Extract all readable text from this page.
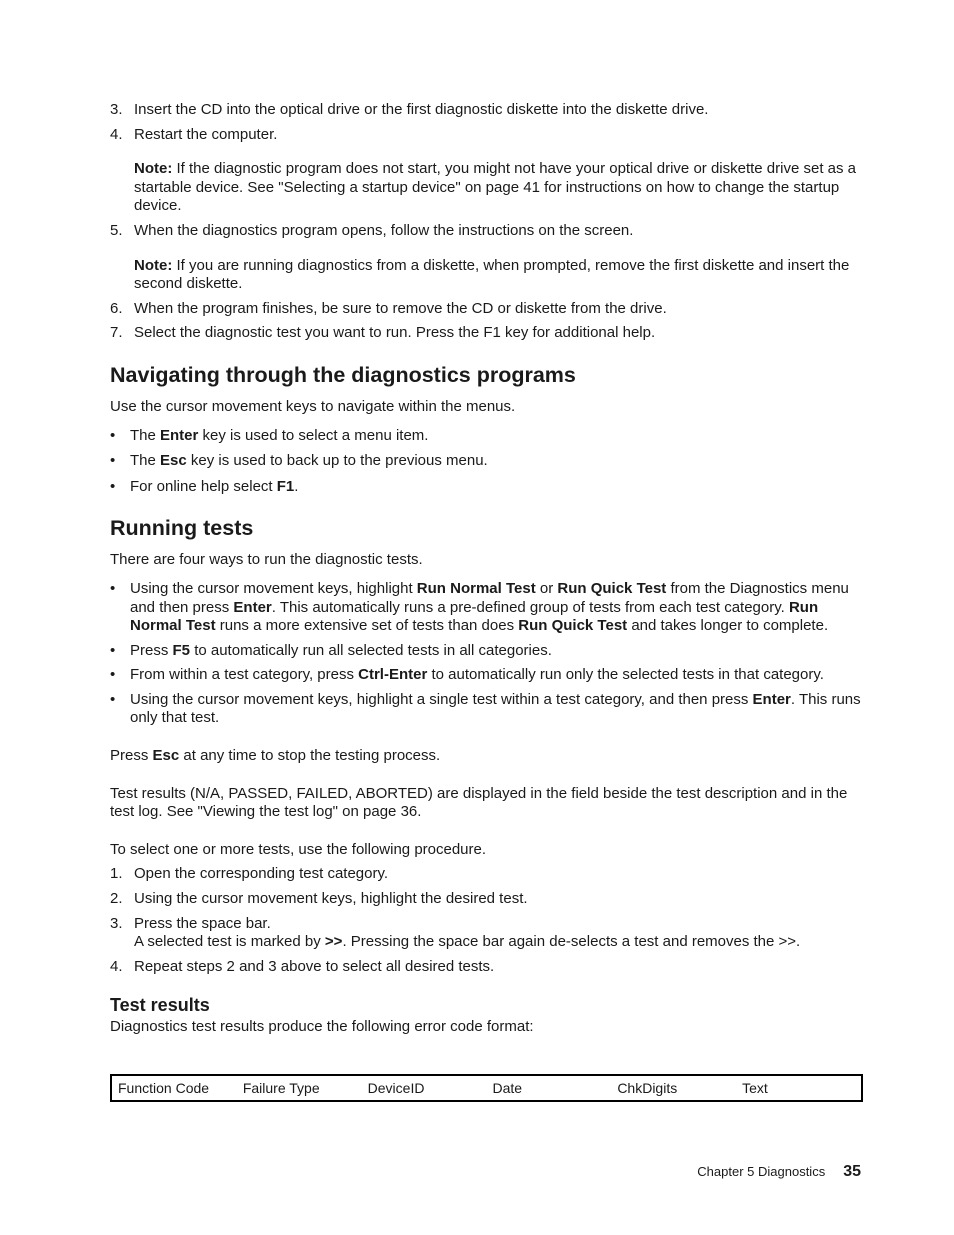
3. Insert the CD into the optical drive or the first diagnostic diskette into the diskette drive.
4. Restart the computer.
Note: If the diagnostic program does not start, you might not have your optical drive or diskette drive set as a startable device. See "Selecting a startup device" on page 41 for instructions on how to change the startup device.
5. When the diagnostics program opens, follow the instructions on the screen.
Note: If you are running diagnostics from a diskette, when prompted, remove the first diskette and insert the second diskette.
6. When the program finishes, be sure to remove the CD or diskette from the drive.
7. Select the diagnostic test you want to run. Press the F1 key for additional help.
Navigating through the diagnostics programs

Use the cursor movement keys to navigate within the menus.

• The Enter key is used to select a menu item.
• The Esc key is used to back up to the previous menu.
• For online help select F1.
Running tests

There are four ways to run the diagnostic tests.

• Using the cursor movement keys, highlight Run Normal Test or Run Quick Test from the Diagnostics menu and then press Enter. This automatically runs a pre-defined group of tests from each test category. Run Normal Test runs a more extensive set of tests than does Run Quick Test and takes longer to complete.
• Press F5 to automatically run all selected tests in all categories.
• From within a test category, press Ctrl-Enter to automatically run only the selected tests in that category.
• Using the cursor movement keys, highlight a single test within a test category, and then press Enter. This runs only that test.

Press Esc at any time to stop the testing process.

Test results (N/A, PASSED, FAILED, ABORTED) are displayed in the field beside the test description and in the test log. See "Viewing the test log" on page 36.

To select one or more tests, use the following procedure.

1. Open the corresponding test category.
2. Using the cursor movement keys, highlight the desired test.
3. Press the space bar.
A selected test is marked by >>. Pressing the space bar again de-selects a test and removes the >>.
4. Repeat steps 2 and 3 above to select all desired tests.
Test results

Diagnostics test results produce the following error code format:

Function Code	Failure Type	DeviceID	Date	ChkDigits	Text
Chapter 5 Diagnostics 35
